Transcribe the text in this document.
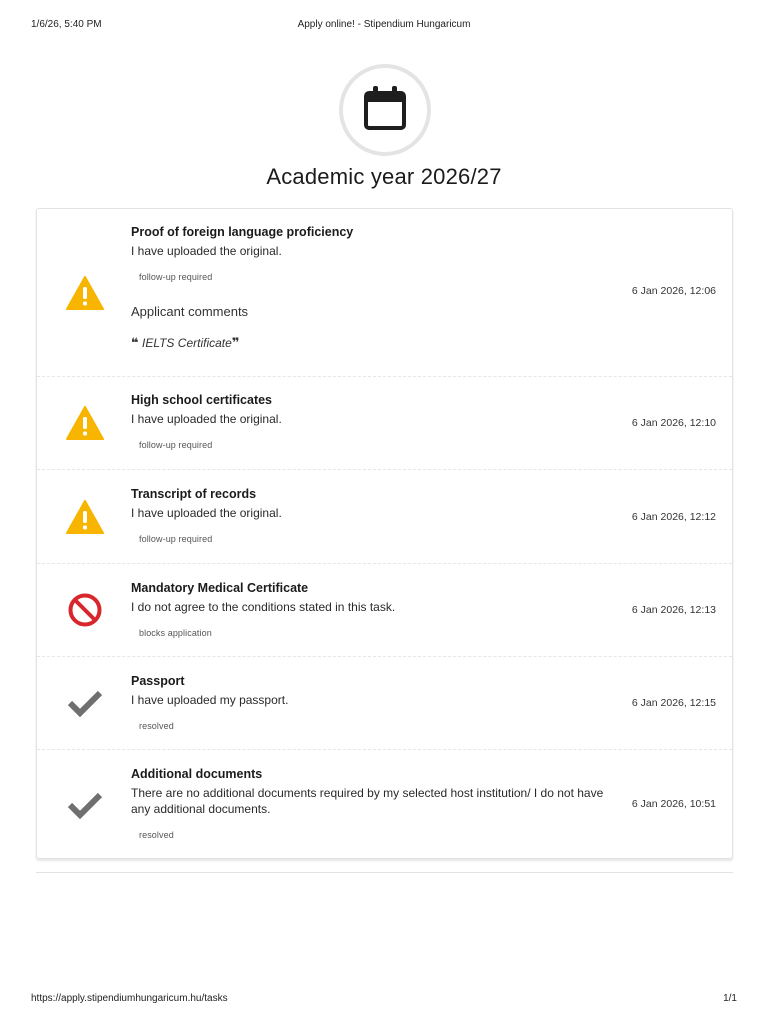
1/6/26, 5:40 PM	Apply online! - Stipendium Hungaricum
Academic year 2026/27
Proof of foreign language proficiency
I have uploaded the original.
follow-up required
Applicant comments
❝ IELTS Certificate❞
6 Jan 2026, 12:06
High school certificates
I have uploaded the original.
follow-up required
6 Jan 2026, 12:10
Transcript of records
I have uploaded the original.
follow-up required
6 Jan 2026, 12:12
Mandatory Medical Certificate
I do not agree to the conditions stated in this task.
blocks application
6 Jan 2026, 12:13
Passport
I have uploaded my passport.
resolved
6 Jan 2026, 12:15
Additional documents
There are no additional documents required by my selected host institution/ I do not have any additional documents.
resolved
6 Jan 2026, 10:51
https://apply.stipendiumhungaricum.hu/tasks	1/1
